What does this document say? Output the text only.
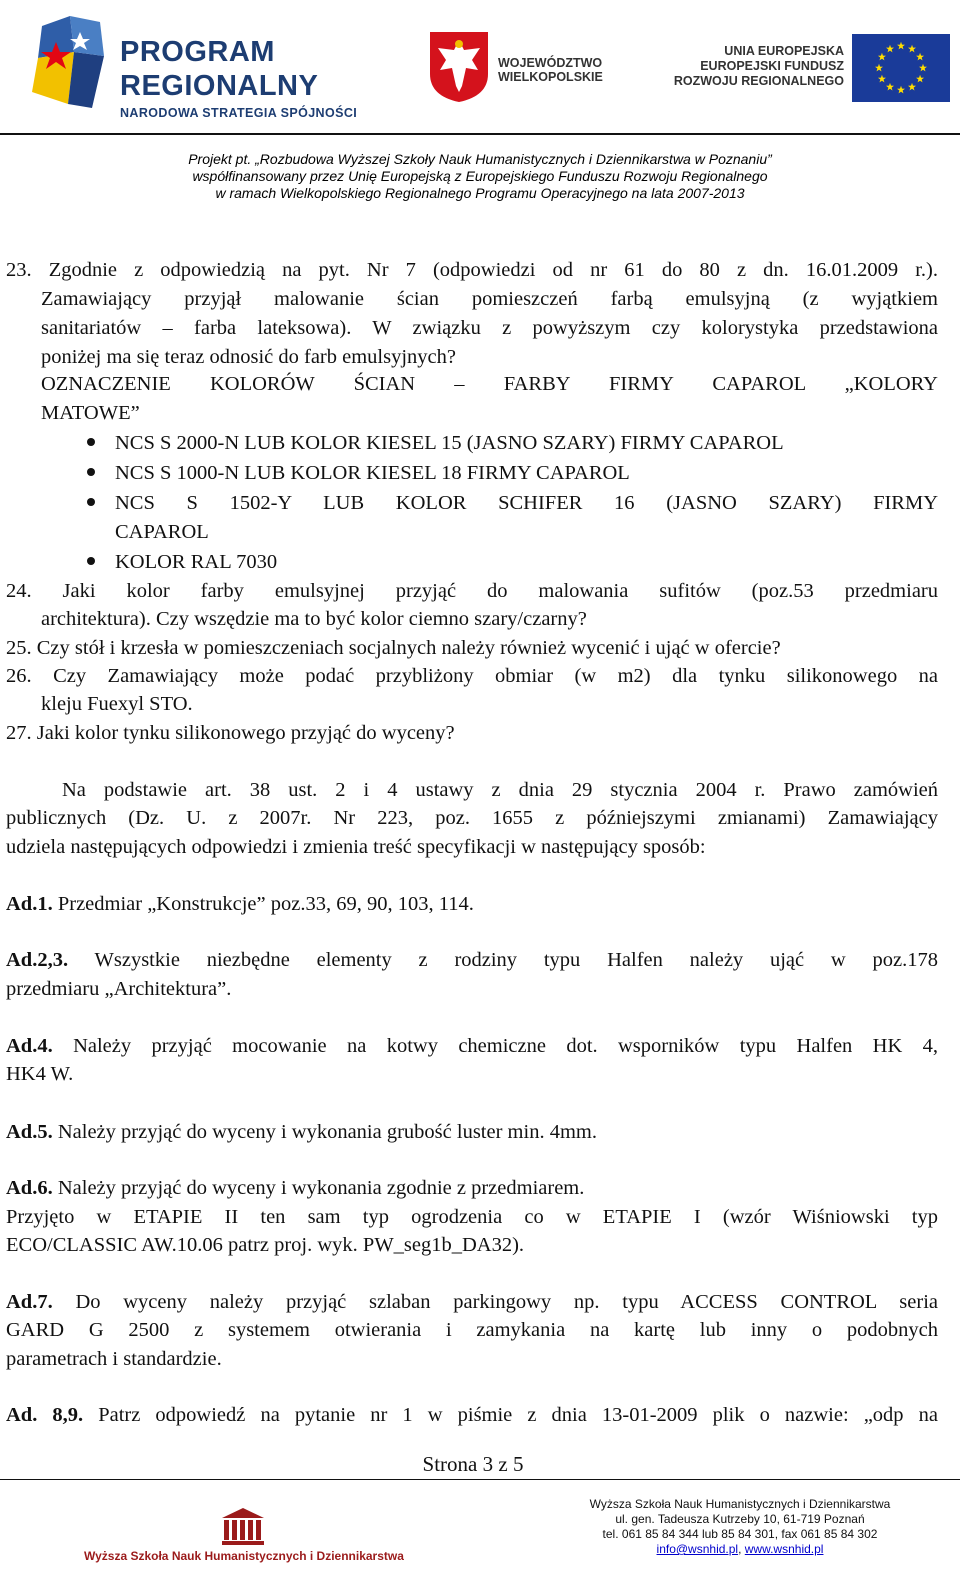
PROGRAM
REGIONALNY
NARODOWA STRATEGIA SPÓJNOŚCI
WOJEWÓDZTWO
WIELKOPOLSKIE
UNIA EUROPEJSKA
EUROPEJSKI FUNDUSZ
ROZWOJU REGIONALNEGO
Projekt pt. „Rozbudowa Wyższej Szkoły Nauk Humanistycznych i Dziennikarstwa w Poznaniu”
współfinansowany przez Unię Europejską z Europejskiego Funduszu Rozwoju Regionalnego
w ramach Wielkopolskiego Regionalnego Programu Operacyjnego na lata 2007-2013
23. Zgodnie z odpowiedzią na pyt. Nr 7 (odpowiedzi od nr 61 do 80 z dn. 16.01.2009 r.).
Zamawiający przyjął malowanie ścian pomieszczeń farbą emulsyjną (z wyjątkiem
sanitariatów – farba lateksowa). W związku z powyższym czy kolorystyka przedstawiona
poniżej ma się teraz odnosić do farb emulsyjnych?
OZNACZENIE KOLORÓW ŚCIAN – FARBY FIRMY CAPAROL „KOLORY
MATOWE”
NCS S 2000-N LUB KOLOR KIESEL 15 (JASNO SZARY) FIRMY CAPAROL
NCS S 1000-N LUB KOLOR KIESEL 18 FIRMY CAPAROL
NCS S 1502-Y LUB KOLOR SCHIFER 16 (JASNO SZARY) FIRMY
CAPAROL
KOLOR RAL 7030
24. Jaki kolor farby emulsyjnej przyjąć do malowania sufitów (poz.53 przedmiaru
architektura). Czy wszędzie ma to być kolor ciemno szary/czarny?
25. Czy stół i krzesła w pomieszczeniach socjalnych należy również wycenić i ująć w ofercie?
26. Czy Zamawiający może podać przybliżony obmiar (w m2) dla tynku silikonowego na
kleju Fuexyl STO.
27. Jaki kolor tynku silikonowego przyjąć do wyceny?
Na podstawie art. 38 ust. 2 i 4 ustawy z dnia 29 stycznia 2004 r. Prawo zamówień
publicznych (Dz. U. z 2007r. Nr 223, poz. 1655 z późniejszymi zmianami) Zamawiający
udziela następujących odpowiedzi i zmienia treść specyfikacji w następujący sposób:
Ad.1. Przedmiar „Konstrukcje” poz.33, 69, 90, 103, 114.
Ad.2,3. Wszystkie niezbędne elementy z rodziny typu Halfen należy ująć w poz.178
przedmiaru „Architektura”.
Ad.4. Należy przyjąć mocowanie na kotwy chemiczne dot. wsporników typu Halfen HK 4,
HK4 W.
Ad.5. Należy przyjąć do wyceny i wykonania grubość luster min. 4mm.
Ad.6. Należy przyjąć do wyceny i wykonania zgodnie z przedmiarem.
Przyjęto w ETAPIE II ten sam typ ogrodzenia co w ETAPIE I (wzór Wiśniowski typ
ECO/CLASSIC AW.10.06 patrz proj. wyk. PW_seg1b_DA32).
Ad.7. Do wyceny należy przyjąć szlaban parkingowy np. typu ACCESS CONTROL seria
GARD G 2500 z systemem otwierania i zamykania na kartę lub inny o podobnych
parametrach i standardzie.
Ad. 8,9. Patrz odpowiedź na pytanie nr 1 w piśmie z dnia 13-01-2009 plik o nazwie: „odp na
Strona 3 z 5
Wyższa Szkoła Nauk Humanistycznych i Dziennikarstwa
Wyższa Szkoła Nauk Humanistycznych i Dziennikarstwa
ul. gen. Tadeusza Kutrzeby 10, 61-719 Poznań
tel. 061 85 84 344 lub 85 84 301, fax 061 85 84 302
info@wsnhid.pl, www.wsnhid.pl
